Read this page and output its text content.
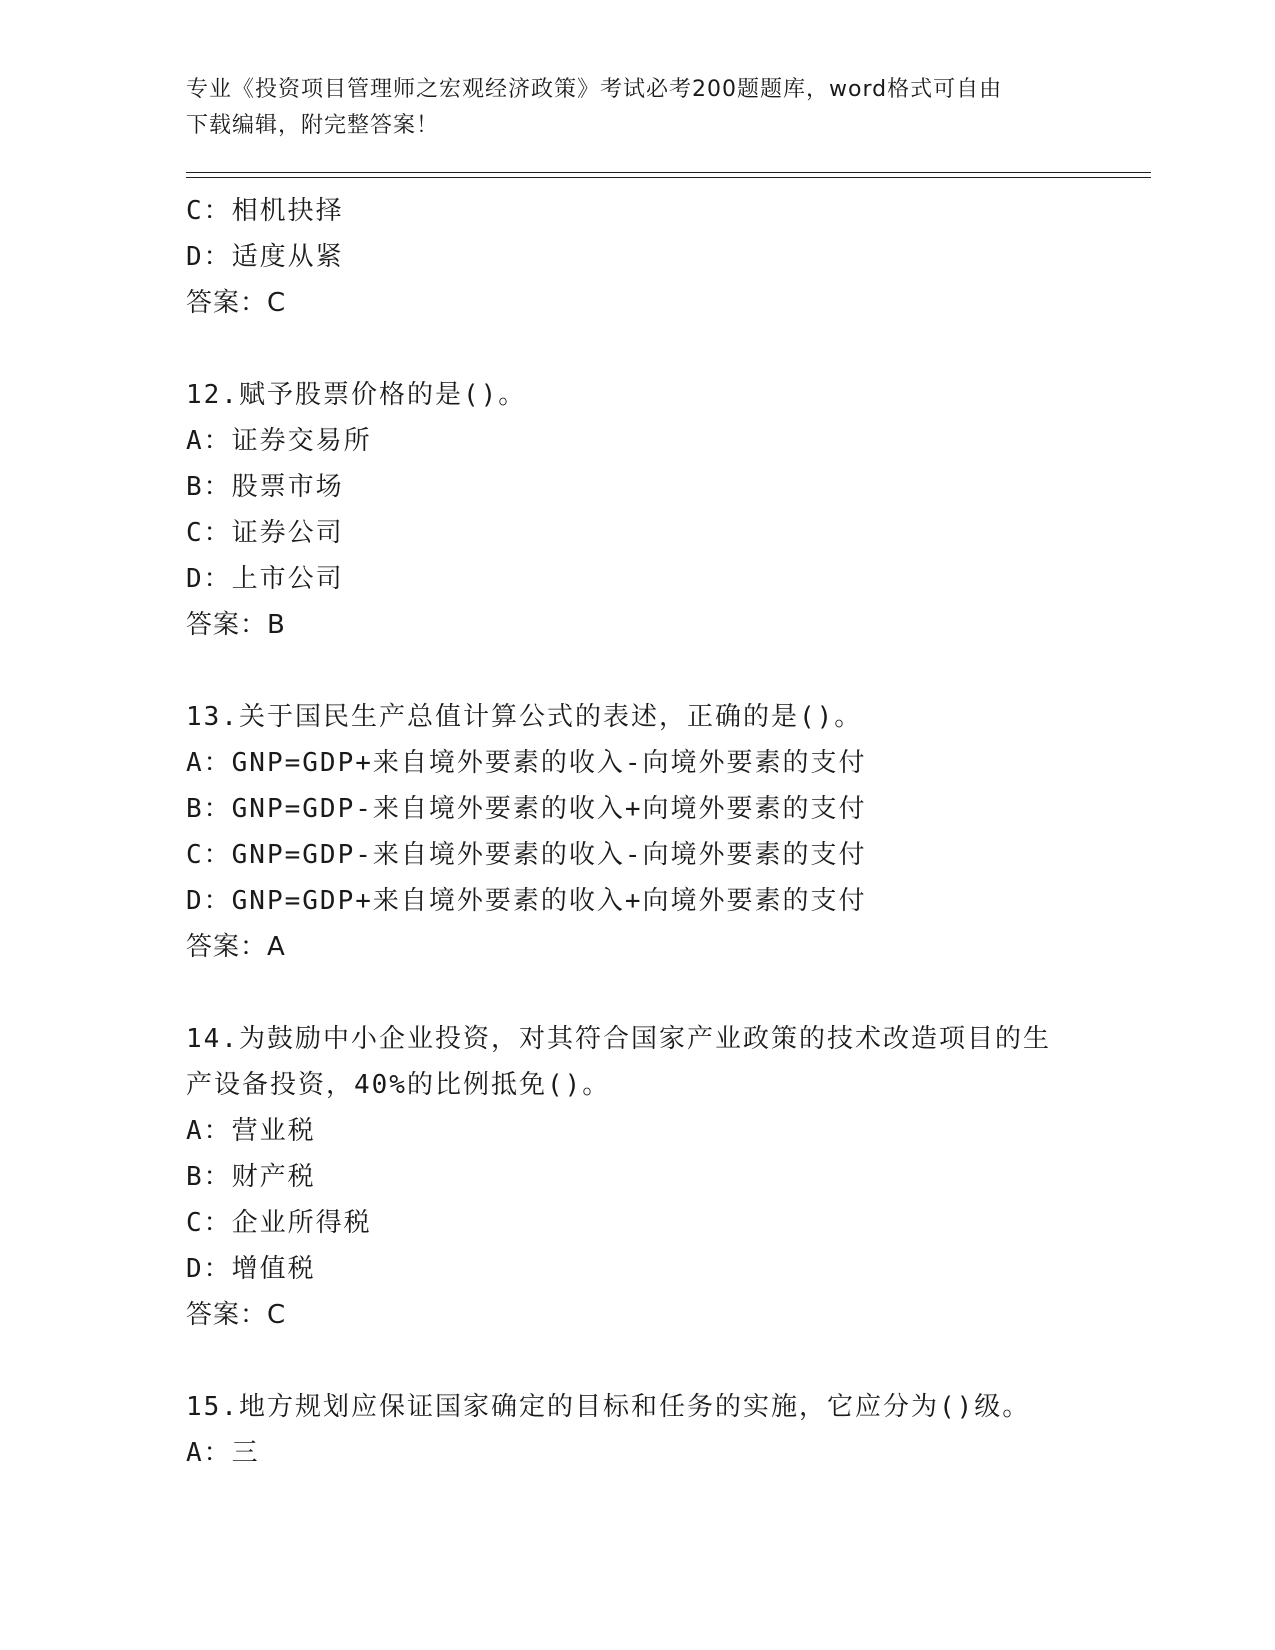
专业《投资项目管理师之宏观经济政策》考试必考200题题库，word格式可自由
下载编辑，附完整答案！
C：相机抉择
D：适度从紧
答案：C
12.赋予股票价格的是()。
A：证券交易所
B：股票市场
C：证券公司
D：上市公司
答案：B
13.关于国民生产总值计算公式的表述，正确的是()。
A：GNP=GDP+来自境外要素的收入-向境外要素的支付
B：GNP=GDP-来自境外要素的收入+向境外要素的支付
C：GNP=GDP-来自境外要素的收入-向境外要素的支付
D：GNP=GDP+来自境外要素的收入+向境外要素的支付
答案：A
14.为鼓励中小企业投资，对其符合国家产业政策的技术改造项目的生
产设备投资，40%的比例抵免()。
A：营业税
B：财产税
C：企业所得税
D：增值税
答案：C
15.地方规划应保证国家确定的目标和任务的实施，它应分为()级。
A：三
